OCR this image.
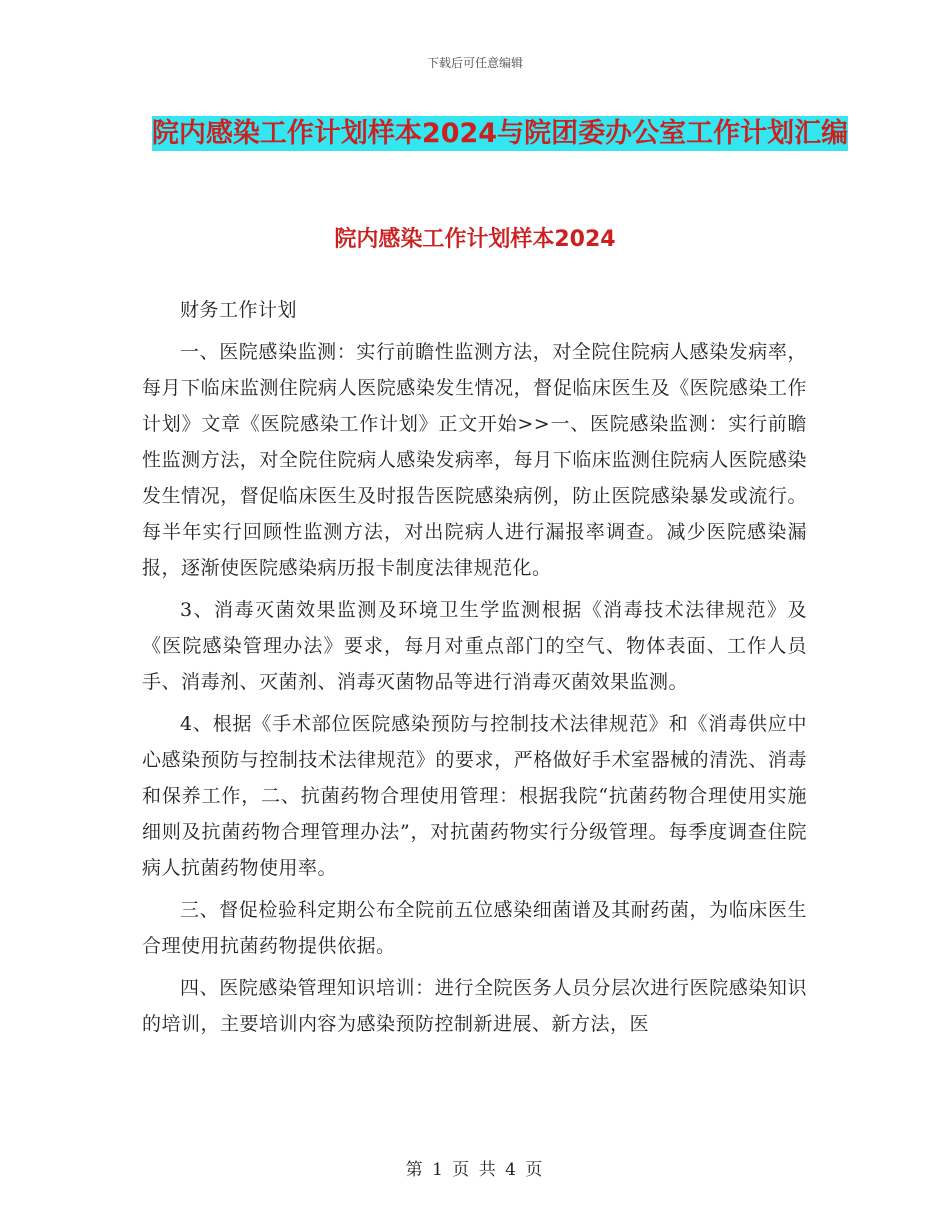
下载后可任意编辑
院内感染工作计划样本2024与院团委办公室工作计划汇编
院内感染工作计划样本2024

财务工作计划

一、医院感染监测：实行前瞻性监测方法，对全院住院病人感染发病率，每月下临床监测住院病人医院感染发生情况，督促临床医生及《医院感染工作计划》文章《医院感染工作计划》正文开始>>一、医院感染监测：实行前瞻性监测方法，对全院住院病人感染发病率，每月下临床监测住院病人医院感染发生情况，督促临床医生及时报告医院感染病例，防止医院感染暴发或流行。每半年实行回顾性监测方法，对出院病人进行漏报率调查。减少医院感染漏报，逐渐使医院感染病历报卡制度法律规范化。

3、消毒灭菌效果监测及环境卫生学监测根据《消毒技术法律规范》及《医院感染管理办法》要求，每月对重点部门的空气、物体表面、工作人员手、消毒剂、灭菌剂、消毒灭菌物品等进行消毒灭菌效果监测。

4、根据《手术部位医院感染预防与控制技术法律规范》和《消毒供应中心感染预防与控制技术法律规范》的要求，严格做好手术室器械的清洗、消毒和保养工作，二、抗菌药物合理使用管理：根据我院“抗菌药物合理使用实施细则及抗菌药物合理管理办法”，对抗菌药物实行分级管理。每季度调查住院病人抗菌药物使用率。

三、督促检验科定期公布全院前五位感染细菌谱及其耐药菌，为临床医生合理使用抗菌药物提供依据。

四、医院感染管理知识培训：进行全院医务人员分层次进行医院感染知识的培训，主要培训内容为感染预防控制新进展、新方法，医

第 1 页 共 4 页
